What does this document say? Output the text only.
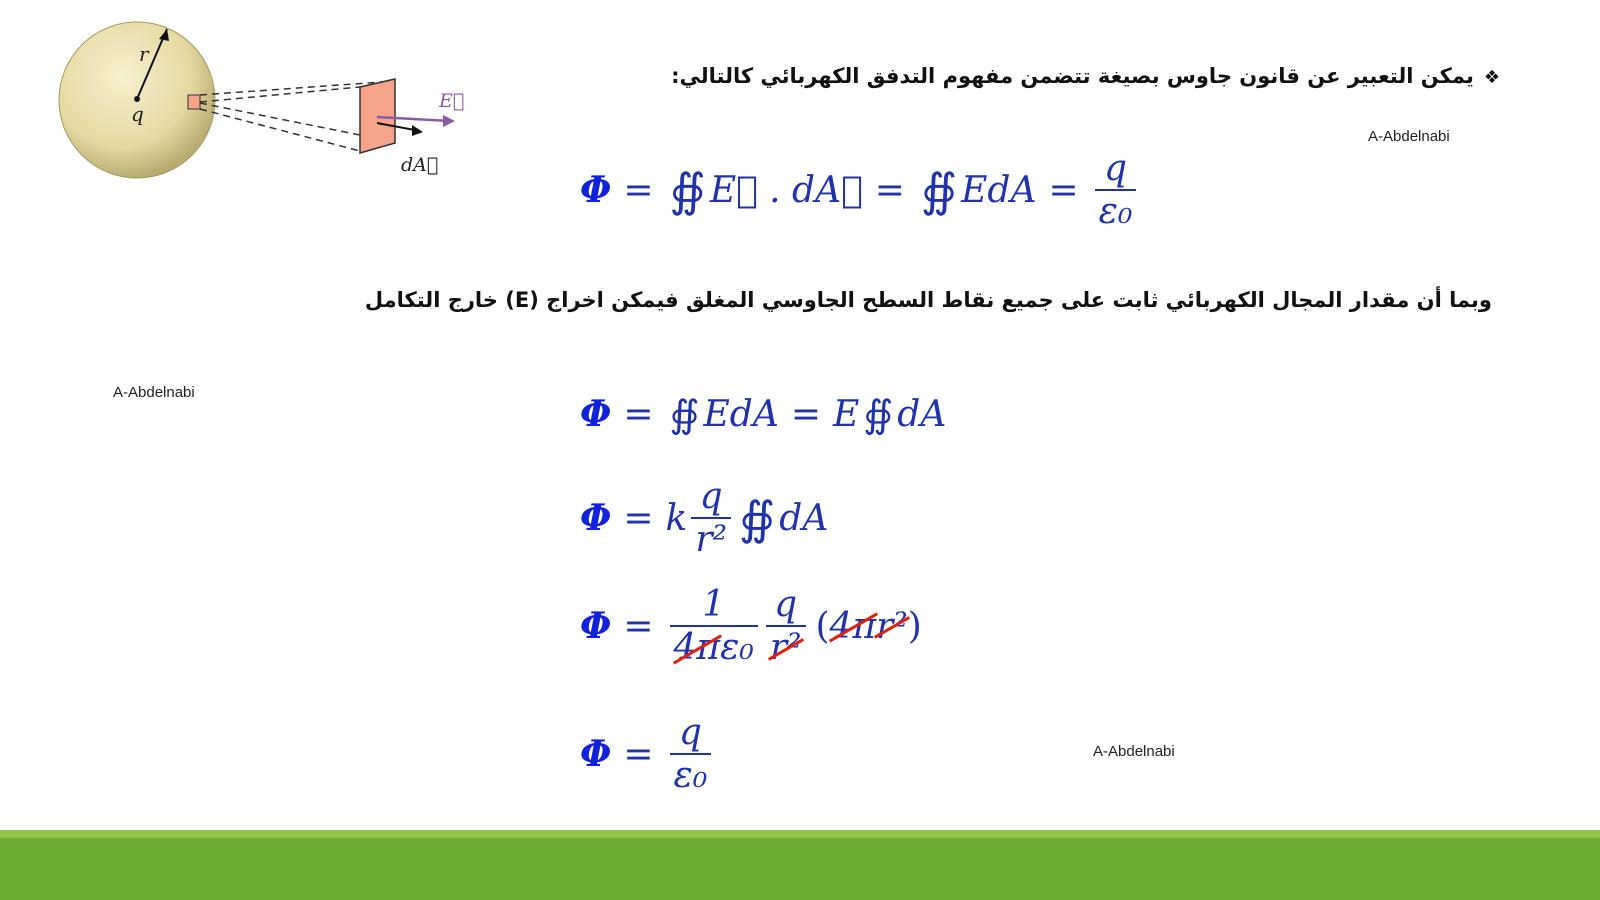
r
q
E⃗
dA⃗
❖يمكن التعبير عن قانون جاوس بصيغة تتضمن مفهوم التدفق الكهربائي كالتالي:
A-Abdelnabi
Φ = ∯ E⃗ . dA⃗ = ∯ EdA = $\frac{q}{\text{ε₀}}$
وبما أن مقدار المجال الكهربائي ثابت على جميع نقاط السطح الجاوسي المغلق فيمكن اخراج (E) خارج التكامل
A-Abdelnabi
Φ = ∯ EdA = E ∯ dA
Φ = k $\frac{q}{\text{r²}}$ ∯ dA
$\Phi = \frac{1}{\text{4πε₀}} \frac{q}{\text{r²}}$ ( 4π r² )
$\Phi = \frac{q}{\text{ε₀}}$	A-Abdelnabi
